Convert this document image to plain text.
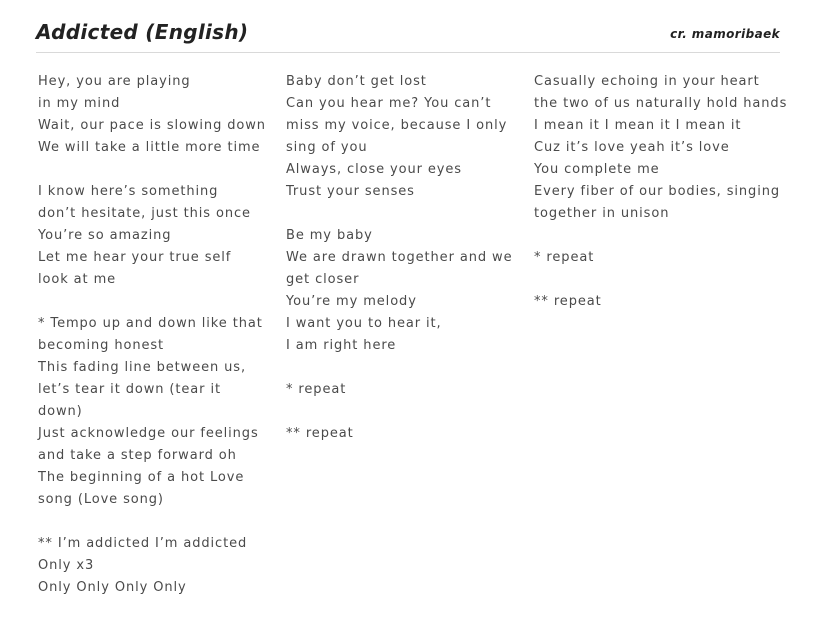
Addicted (English)	cr. mamoribaek
Hey, you are playing
in my mind
Wait, our pace is slowing down
We will take a little more time
I know here’s something
don’t hesitate, just this once
You’re so amazing
Let me hear your true self
look at me
* Tempo up and down like that
becoming honest
This fading line between us,
let’s tear it down (tear it
down)
Just acknowledge our feelings
and take a step forward oh
The beginning of a hot Love
song (Love song)
** I’m addicted I’m addicted
Only x3
Only Only Only Only
Baby don’t get lost
Can you hear me? You can’t
miss my voice, because I only
sing of you
Always, close your eyes
Trust your senses
Be my baby
We are drawn together and we
get closer
You’re my melody
I want you to hear it,
I am right here
* repeat
** repeat
Casually echoing in your heart
the two of us naturally hold hands
I mean it I mean it I mean it
Cuz it’s love yeah it’s love
You complete me
Every fiber of our bodies, singing
together in unison
* repeat
** repeat
